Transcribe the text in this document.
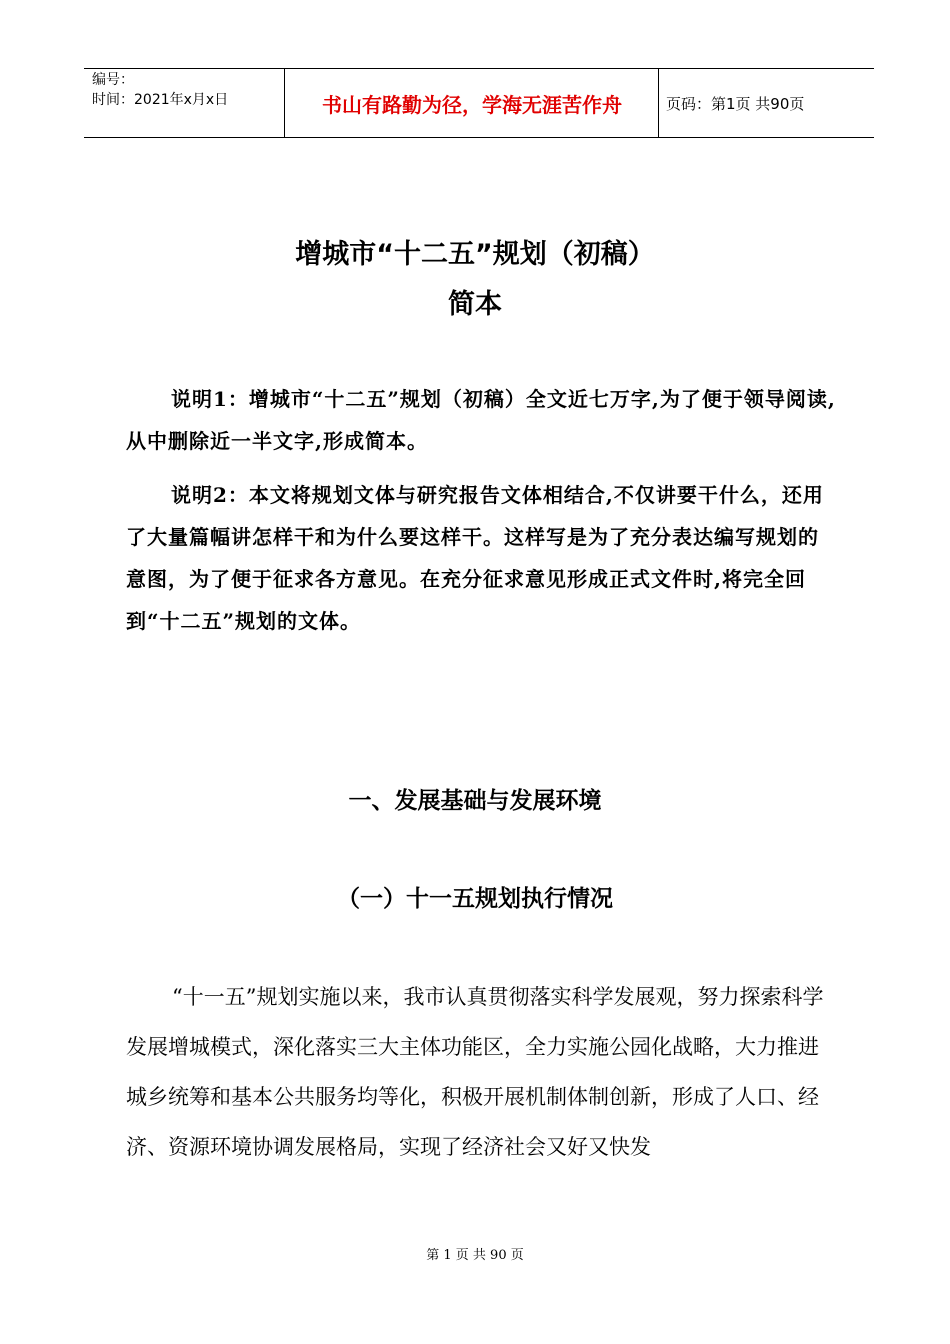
编号：
时间：2021年x月x日	书山有路勤为径，学海无涯苦作舟	页码：第1页 共90页
增城市“十二五”规划（初稿）
简本

说明1：增城市“十二五”规划（初稿）全文近七万字,为了便于领导阅读,从中删除近一半文字,形成简本。

说明2：本文将规划文体与研究报告文体相结合,不仅讲要干什么，还用了大量篇幅讲怎样干和为什么要这样干。这样写是为了充分表达编写规划的意图，为了便于征求各方意见。在充分征求意见形成正式文件时,将完全回到“十二五”规划的文体。

一、发展基础与发展环境
（一）十一五规划执行情况

“十一五”规划实施以来，我市认真贯彻落实科学发展观，努力探索科学发展增城模式，深化落实三大主体功能区，全力实施公园化战略，大力推进城乡统筹和基本公共服务均等化，积极开展机制体制创新，形成了人口、经济、资源环境协调发展格局，实现了经济社会又好又快发

第 1 页 共 90 页
